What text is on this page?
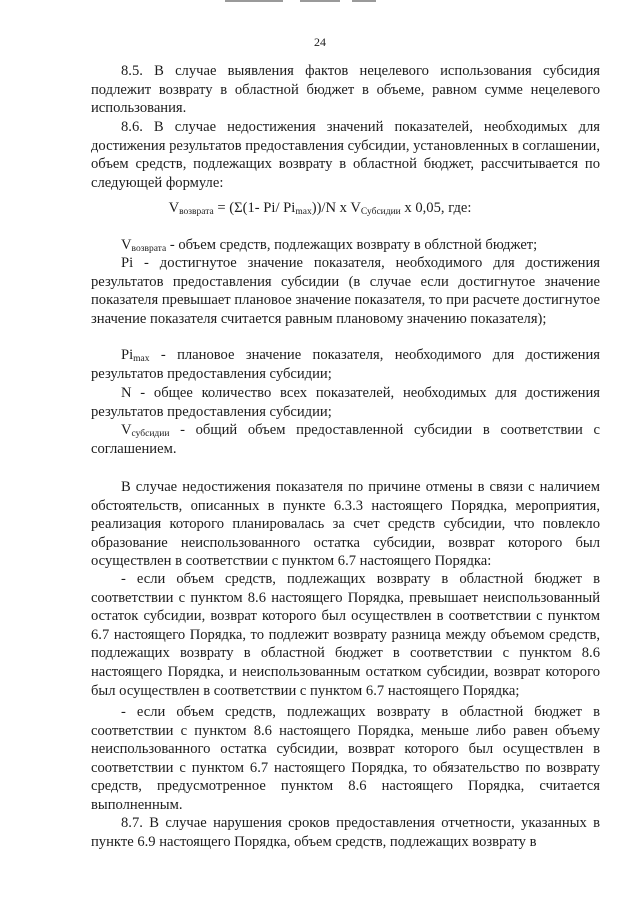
24

8.5. В случае выявления фактов нецелевого использования субсидия подлежит возврату в областной бюджет в объеме, равном сумме нецелевого использования.

8.6. В случае недостижения значений показателей, необходимых для достижения результатов предоставления субсидии, установленных в соглашении, объем средств, подлежащих возврату в областной бюджет, рассчитывается по следующей формуле:

$V_{возврата} = (\Sigma(1-$ Pi/ $Pi_{max}))/N$ x $V_{Субсидии}$ x 0,05, где:

$V_{возврата}$ - объем средств, подлежащих возврату в облстной бюджет;

Pi - достигнутое значение показателя, необходимого для достижения результатов предоставления субсидии (в случае если достигнутое значение показателя превышает плановое значение показателя, то при расчете достигнутое значение показателя считается равным плановому значению показателя);

$Pi_{max}$ - плановое значение показателя, необходимого для достижения результатов предоставления субсидии;

N - общее количество всех показателей, необходимых для достижения результатов предоставления субсидии;

$V_{субсидии}$ - общий объем предоставленной субсидии в соответствии с соглашением.

В случае недостижения показателя по причине отмены в связи с наличием обстоятельств, описанных в пункте 6.3.3 настоящего Порядка, мероприятия, реализация которого планировалась за счет средств субсидии, что повлекло образование неиспользованного остатка субсидии, возврат которого был осуществлен в соответствии с пунктом 6.7 настоящего Порядка:

- если объем средств, подлежащих возврату в областной бюджет в соответствии с пунктом 8.6 настоящего Порядка, превышает неиспользованный остаток субсидии, возврат которого был осуществлен в соответствии с пунктом 6.7 настоящего Порядка, то подлежит возврату разница между объемом средств, подлежащих возврату в областной бюджет в соответствии с пунктом 8.6 настоящего Порядка, и неиспользованным остатком субсидии, возврат которого был осуществлен в соответствии с пунктом 6.7 настоящего Порядка;

- если объем средств, подлежащих возврату в областной бюджет в соответствии с пунктом 8.6 настоящего Порядка, меньше либо равен объему неиспользованного остатка субсидии, возврат которого был осуществлен в соответствии с пунктом 6.7 настоящего Порядка, то обязательство по возврату средств, предусмотренное пунктом 8.6 настоящего Порядка, считается выполненным.

8.7. В случае нарушения сроков предоставления отчетности, указанных в пункте 6.9 настоящего Порядка, объем средств, подлежащих возврату в
